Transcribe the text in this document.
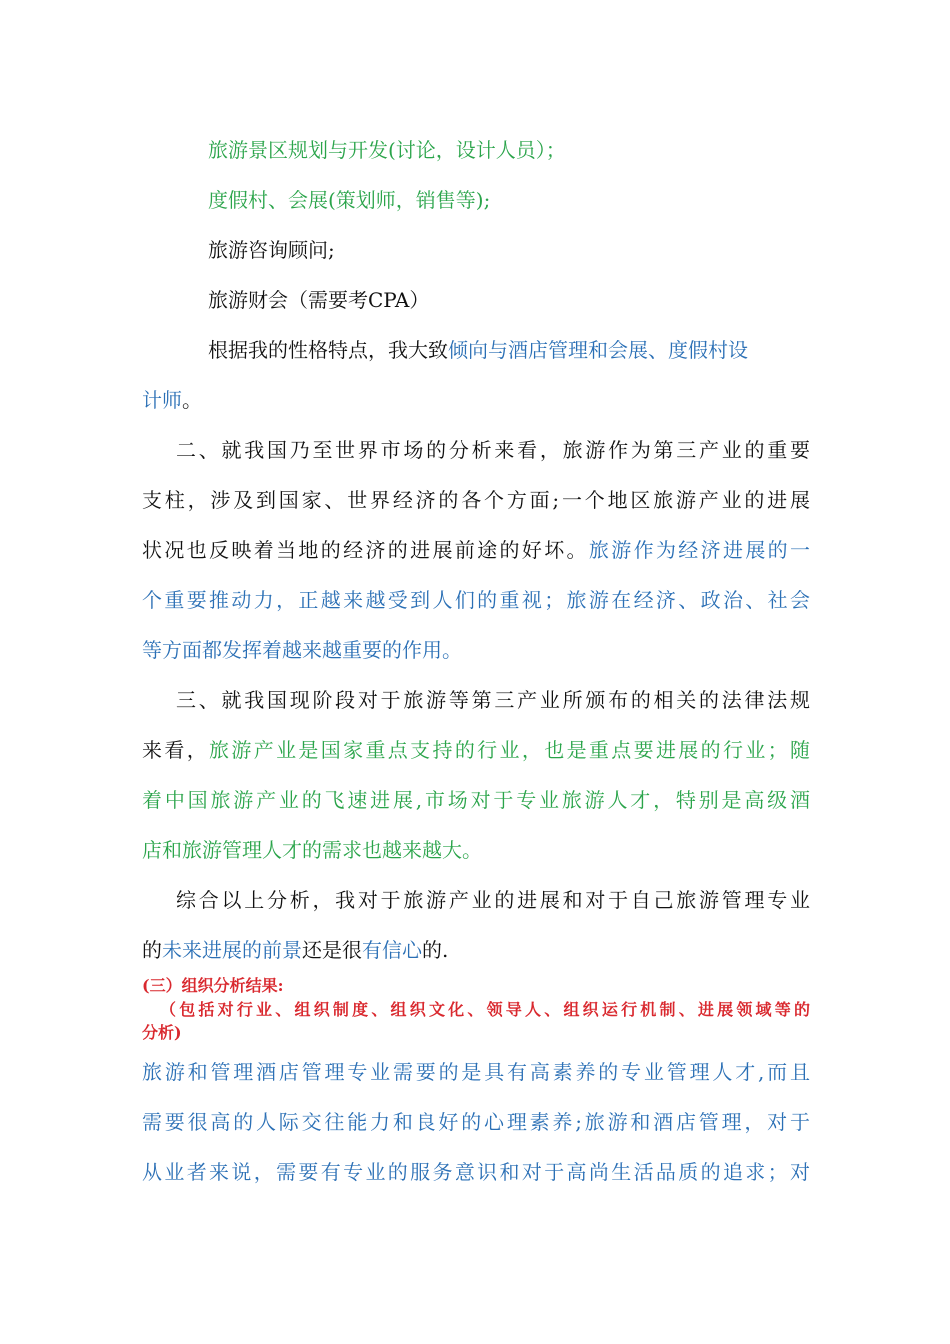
旅游景区规划与开发(讨论，设计人员）；

度假村、会展(策划师，销售等);

旅游咨询顾问;

旅游财会（需要考CPA）

根据我的性格特点，我大致倾向与酒店管理和会展、度假村设

计师。

二、就我国乃至世界市场的分析来看，旅游作为第三产业的重要

支柱，涉及到国家、世界经济的各个方面;一个地区旅游产业的进展

状况也反映着当地的经济的进展前途的好坏。旅游作为经济进展的一

个重要推动力，正越来越受到人们的重视；旅游在经济、政治、社会

等方面都发挥着越来越重要的作用。

三、就我国现阶段对于旅游等第三产业所颁布的相关的法律法规

来看，旅游产业是国家重点支持的行业，也是重点要进展的行业；随

着中国旅游产业的飞速进展,市场对于专业旅游人才，特别是高级酒

店和旅游管理人才的需求也越来越大。

综合以上分析，我对于旅游产业的进展和对于自己旅游管理专业

的未来进展的前景还是很有信心的.

(三）组织分析结果:

（包括对行业、组织制度、组织文化、领导人、组织运行机制、进展领域等的

分析)

旅游和管理酒店管理专业需要的是具有高素养的专业管理人才,而且

需要很高的人际交往能力和良好的心理素养;旅游和酒店管理，对于

从业者来说，需要有专业的服务意识和对于高尚生活品质的追求；对
